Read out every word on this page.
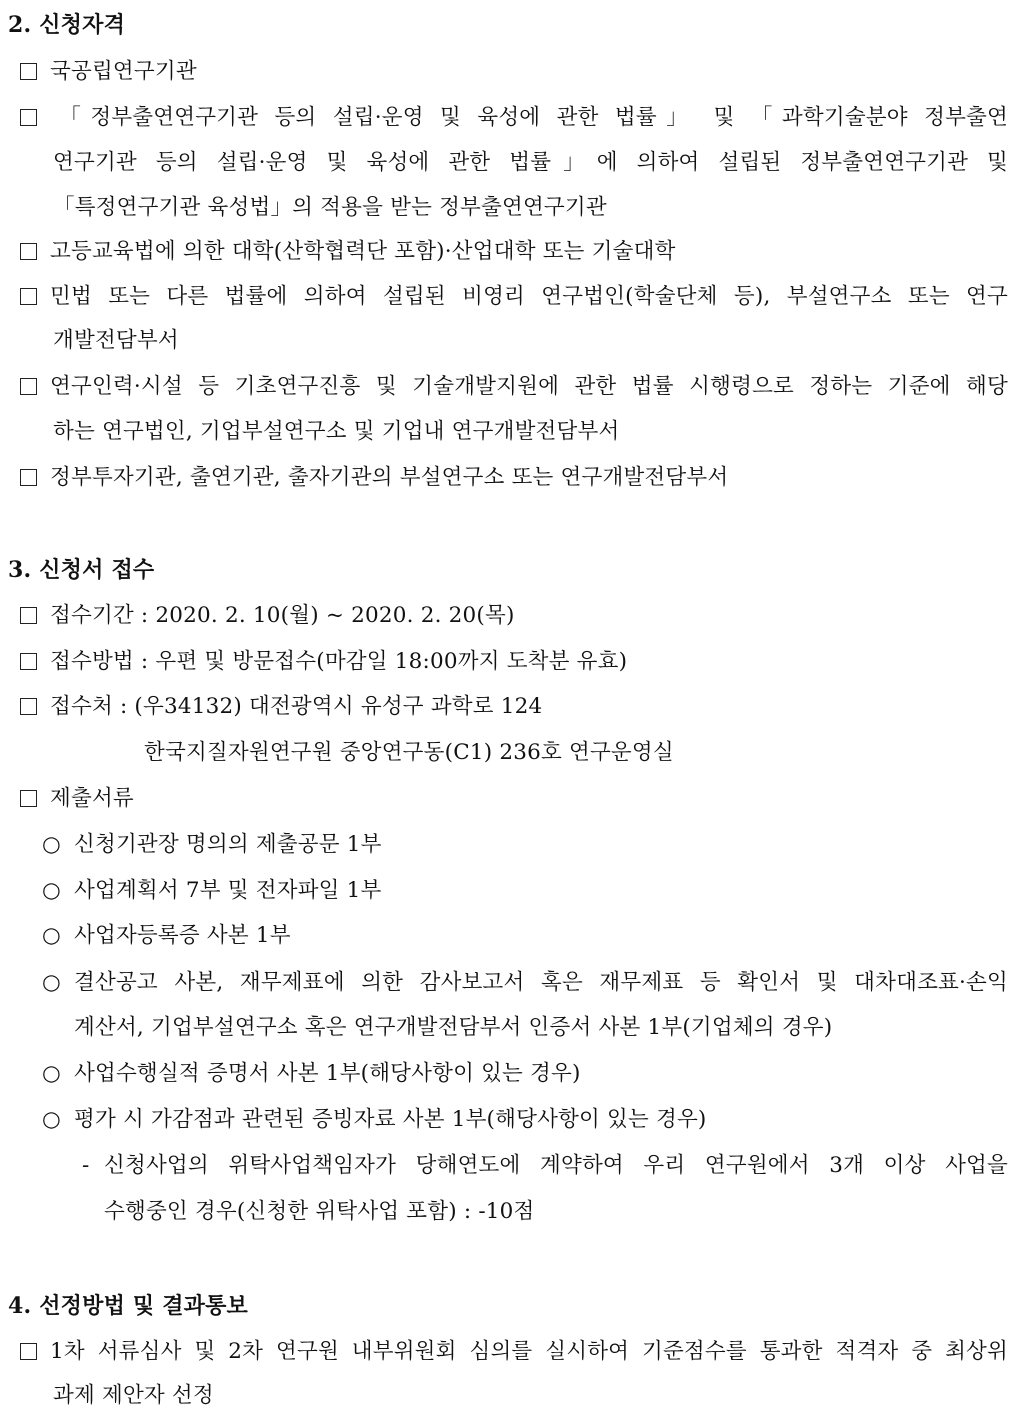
2. 신청자격
국공립연구기관
「정부출연연구기관 등의 설립·운영 및 육성에 관한 법률」 및 「과학기술분야 정부출연
연구기관 등의 설립·운영 및 육성에 관한 법률」에 의하여 설립된 정부출연연구기관 및
「특정연구기관 육성법」의 적용을 받는 정부출연연구기관
고등교육법에 의한 대학(산학협력단 포함)·산업대학 또는 기술대학
민법 또는 다른 법률에 의하여 설립된 비영리 연구법인(학술단체 등), 부설연구소 또는 연구
개발전담부서
연구인력·시설 등 기초연구진흥 및 기술개발지원에 관한 법률 시행령으로 정하는 기준에 해당
하는 연구법인, 기업부설연구소 및 기업내 연구개발전담부서
정부투자기관, 출연기관, 출자기관의 부설연구소 또는 연구개발전담부서
3. 신청서 접수
접수기간 : 2020. 2. 10(월) ~ 2020. 2. 20(목)
접수방법 : 우편 및 방문접수(마감일 18:00까지 도착분 유효)
접수처 : (우34132) 대전광역시 유성구 과학로 124
한국지질자원연구원 중앙연구동(C1) 236호 연구운영실
제출서류
○ 신청기관장 명의의 제출공문 1부
○ 사업계획서 7부 및 전자파일 1부
○ 사업자등록증 사본 1부
○ 결산공고 사본, 재무제표에 의한 감사보고서 혹은 재무제표 등 확인서 및 대차대조표·손익
계산서, 기업부설연구소 혹은 연구개발전담부서 인증서 사본 1부(기업체의 경우)
○ 사업수행실적 증명서 사본 1부(해당사항이 있는 경우)
○ 평가 시 가감점과 관련된 증빙자료 사본 1부(해당사항이 있는 경우)
- 신청사업의 위탁사업책임자가 당해연도에 계약하여 우리 연구원에서 3개 이상 사업을
수행중인 경우(신청한 위탁사업 포함) : -10점
4. 선정방법 및 결과통보
1차 서류심사 및 2차 연구원 내부위원회 심의를 실시하여 기준점수를 통과한 적격자 중 최상위
과제 제안자 선정
